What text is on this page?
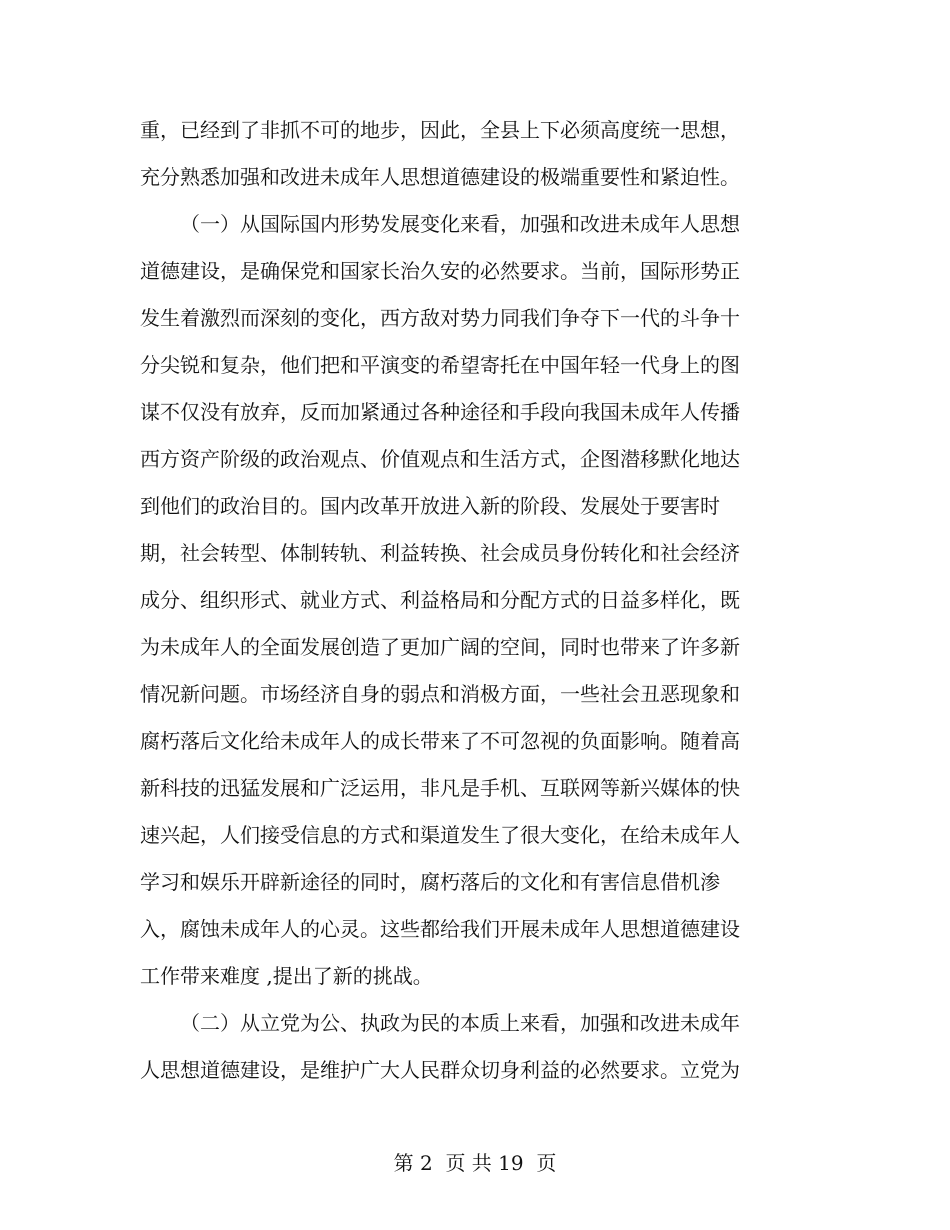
重，已经到了非抓不可的地步，因此，全县上下必须高度统一思想，
充分熟悉加强和改进未成年人思想道德建设的极端重要性和紧迫性。
（一）从国际国内形势发展变化来看，加强和改进未成年人思想
道德建设，是确保党和国家长治久安的必然要求。当前，国际形势正
发生着激烈而深刻的变化，西方敌对势力同我们争夺下一代的斗争十
分尖锐和复杂，他们把和平演变的希望寄托在中国年轻一代身上的图
谋不仅没有放弃，反而加紧通过各种途径和手段向我国未成年人传播
西方资产阶级的政治观点、价值观点和生活方式，企图潜移默化地达
到他们的政治目的。国内改革开放进入新的阶段、发展处于要害时
期，社会转型、体制转轨、利益转换、社会成员身份转化和社会经济
成分、组织形式、就业方式、利益格局和分配方式的日益多样化，既
为未成年人的全面发展创造了更加广阔的空间，同时也带来了许多新
情况新问题。市场经济自身的弱点和消极方面，一些社会丑恶现象和
腐朽落后文化给未成年人的成长带来了不可忽视的负面影响。随着高
新科技的迅猛发展和广泛运用，非凡是手机、互联网等新兴媒体的快
速兴起，人们接受信息的方式和渠道发生了很大变化，在给未成年人
学习和娱乐开辟新途径的同时，腐朽落后的文化和有害信息借机渗
入，腐蚀未成年人的心灵。这些都给我们开展未成年人思想道德建设
工作带来难度 ,提出了新的挑战。
（二）从立党为公、执政为民的本质上来看，加强和改进未成年
人思想道德建设，是维护广大人民群众切身利益的必然要求。立党为
第 2  页 共 19  页
